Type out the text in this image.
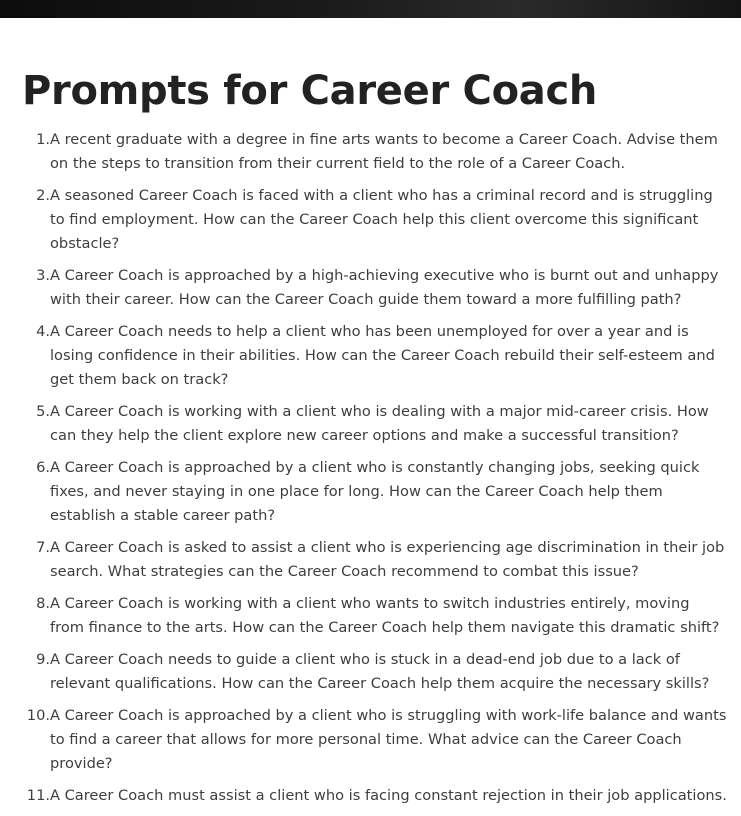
Prompts for Career Coach
1. A recent graduate with a degree in fine arts wants to become a Career Coach. Advise them on the steps to transition from their current field to the role of a Career Coach.
2. A seasoned Career Coach is faced with a client who has a criminal record and is struggling to find employment. How can the Career Coach help this client overcome this significant obstacle?
3. A Career Coach is approached by a high-achieving executive who is burnt out and unhappy with their career. How can the Career Coach guide them toward a more fulfilling path?
4. A Career Coach needs to help a client who has been unemployed for over a year and is losing confidence in their abilities. How can the Career Coach rebuild their self-esteem and get them back on track?
5. A Career Coach is working with a client who is dealing with a major mid-career crisis. How can they help the client explore new career options and make a successful transition?
6. A Career Coach is approached by a client who is constantly changing jobs, seeking quick fixes, and never staying in one place for long. How can the Career Coach help them establish a stable career path?
7. A Career Coach is asked to assist a client who is experiencing age discrimination in their job search. What strategies can the Career Coach recommend to combat this issue?
8. A Career Coach is working with a client who wants to switch industries entirely, moving from finance to the arts. How can the Career Coach help them navigate this dramatic shift?
9. A Career Coach needs to guide a client who is stuck in a dead-end job due to a lack of relevant qualifications. How can the Career Coach help them acquire the necessary skills?
10. A Career Coach is approached by a client who is struggling with work-life balance and wants to find a career that allows for more personal time. What advice can the Career Coach provide?
11. A Career Coach must assist a client who is facing constant rejection in their job applications.
